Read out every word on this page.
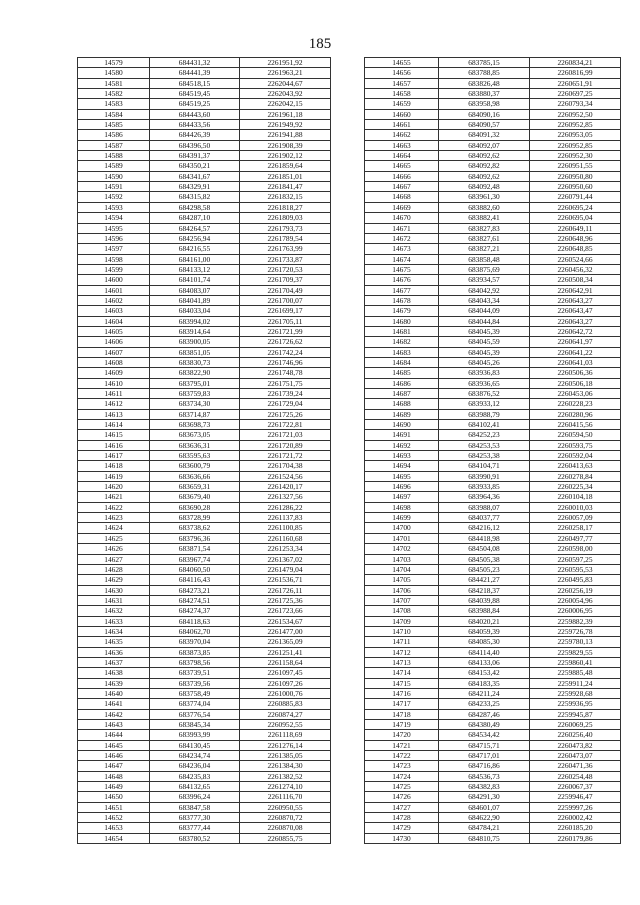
185
14579	684431,32	2261951,92
14580	684441,39	2261963,21
14581	684518,15	2262044,67
14582	684519,45	2262043,92
14583	684519,25	2262042,15
14584	684443,60	2261961,18
14585	684433,56	2261949,92
14586	684426,39	2261941,88
14587	684396,50	2261908,39
14588	684391,37	2261902,12
14589	684350,21	2261859,64
14590	684341,67	2261851,01
14591	684329,91	2261841,47
14592	684315,82	2261832,15
14593	684298,58	2261818,27
14594	684287,10	2261809,03
14595	684264,57	2261793,73
14596	684256,94	2261789,54
14597	684216,55	2261763,99
14598	684161,00	2261733,87
14599	684133,12	2261720,53
14600	684101,74	2261709,37
14601	684083,07	2261704,49
14602	684041,89	2261700,07
14603	684033,04	2261699,17
14604	683994,02	2261705,11
14605	683914,64	2261721,99
14606	683900,05	2261726,62
14607	683851,05	2261742,24
14608	683830,73	2261746,96
14609	683822,90	2261748,78
14610	683795,01	2261751,75
14611	683759,83	2261739,24
14612	683734,30	2261729,04
14613	683714,87	2261725,26
14614	683698,73	2261722,81
14615	683673,05	2261721,03
14616	683636,31	2261720,89
14617	683595,63	2261721,72
14618	683600,79	2261704,38
14619	683636,66	2261524,56
14620	683659,31	2261420,17
14621	683679,40	2261327,56
14622	683690,28	2261286,22
14623	683728,99	2261137,83
14624	683738,62	2261100,85
14625	683796,36	2261160,68
14626	683871,54	2261253,34
14627	683967,74	2261367,02
14628	684060,50	2261479,04
14629	684116,43	2261536,71
14630	684273,21	2261726,11
14631	684274,51	2261725,36
14632	684274,37	2261723,66
14633	684118,63	2261534,67
14634	684062,70	2261477,00
14635	683970,04	2261365,09
14636	683873,85	2261251,41
14637	683798,56	2261158,64
14638	683739,51	2261097,45
14639	683739,56	2261097,26
14640	683758,49	2261000,76
14641	683774,04	2260885,83
14642	683776,54	2260874,27
14643	683845,34	2260952,55
14644	683993,99	2261118,69
14645	684130,45	2261276,14
14646	684234,74	2261385,05
14647	684236,04	2261384,30
14648	684235,83	2261382,52
14649	684132,65	2261274,10
14650	683996,24	2261116,70
14651	683847,58	2260950,55
14652	683777,30	2260870,72
14653	683777,44	2260870,08
14654	683780,52	2260855,75
14655	683785,15	2260834,21
14656	683788,85	2260816,99
14657	683826,48	2260651,91
14658	683880,37	2260697,25
14659	683958,98	2260793,34
14660	684090,16	2260952,50
14661	684090,57	2260952,85
14662	684091,32	2260953,05
14663	684092,07	2260952,85
14664	684092,62	2260952,30
14665	684092,82	2260951,55
14666	684092,62	2260950,80
14667	684092,48	2260950,60
14668	683961,30	2260791,44
14669	683882,60	2260695,24
14670	683882,41	2260695,04
14671	683827,83	2260649,11
14672	683827,61	2260648,96
14673	683827,21	2260648,85
14674	683858,48	2260524,66
14675	683875,69	2260456,32
14676	683934,57	2260508,34
14677	684042,92	2260642,91
14678	684043,34	2260643,27
14679	684044,09	2260643,47
14680	684044,84	2260643,27
14681	684045,39	2260642,72
14682	684045,59	2260641,97
14683	684045,39	2260641,22
14684	684045,26	2260641,03
14685	683936,83	2260506,36
14686	683936,65	2260506,18
14687	683876,52	2260453,06
14688	683933,12	2260228,23
14689	683988,79	2260280,96
14690	684102,41	2260415,56
14691	684252,23	2260594,50
14692	684253,53	2260593,75
14693	684253,38	2260592,04
14694	684104,71	2260413,63
14695	683990,91	2260278,84
14696	683933,85	2260225,34
14697	683964,36	2260104,18
14698	683988,07	2260010,03
14699	684037,77	2260057,09
14700	684216,12	2260258,17
14701	684418,98	2260497,77
14702	684504,08	2260598,00
14703	684505,38	2260597,25
14704	684505,23	2260595,53
14705	684421,27	2260495,83
14706	684218,37	2260256,19
14707	684039,88	2260054,96
14708	683988,84	2260006,95
14709	684020,21	2259882,39
14710	684059,39	2259726,78
14711	684085,30	2259780,13
14712	684114,40	2259829,55
14713	684133,06	2259860,41
14714	684153,42	2259885,48
14715	684183,35	2259911,24
14716	684211,24	2259928,68
14717	684233,25	2259936,95
14718	684287,46	2259945,87
14719	684380,49	2260069,25
14720	684534,42	2260256,40
14721	684715,71	2260473,82
14722	684717,01	2260473,07
14723	684716,86	2260471,36
14724	684536,73	2260254,48
14725	684382,83	2260067,37
14726	684291,30	2259946,47
14727	684601,07	2259997,26
14728	684622,90	2260002,42
14729	684784,21	2260185,20
14730	684810,75	2260179,86
